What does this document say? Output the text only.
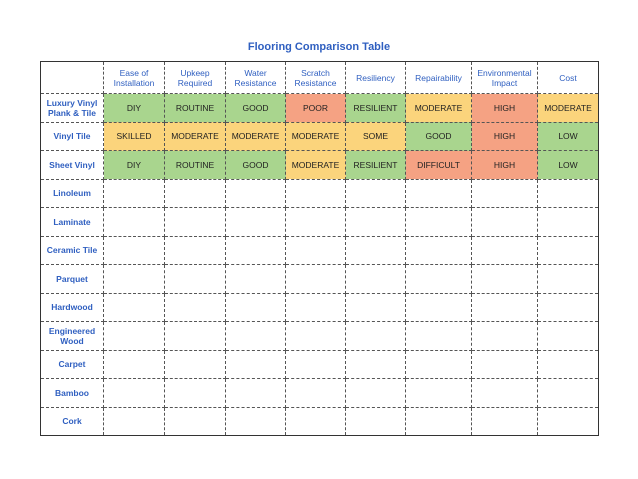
Flooring Comparison Table
	Ease of Installation	Upkeep Required	Water Resistance	Scratch Resistance	Resiliency	Repairability	Environmental Impact	Cost
Luxury Vinyl Plank & Tile	DIY	ROUTINE	GOOD	POOR	RESILIENT	MODERATE	HIGH	MODERATE
Vinyl Tile	SKILLED	MODERATE	MODERATE	MODERATE	SOME	GOOD	HIGH	LOW
Sheet Vinyl	DIY	ROUTINE	GOOD	MODERATE	RESILIENT	DIFFICULT	HIGH	LOW
Linoleum								
Laminate								
Ceramic Tile								
Parquet								
Hardwood								
Engineered Wood								
Carpet								
Bamboo								
Cork								
